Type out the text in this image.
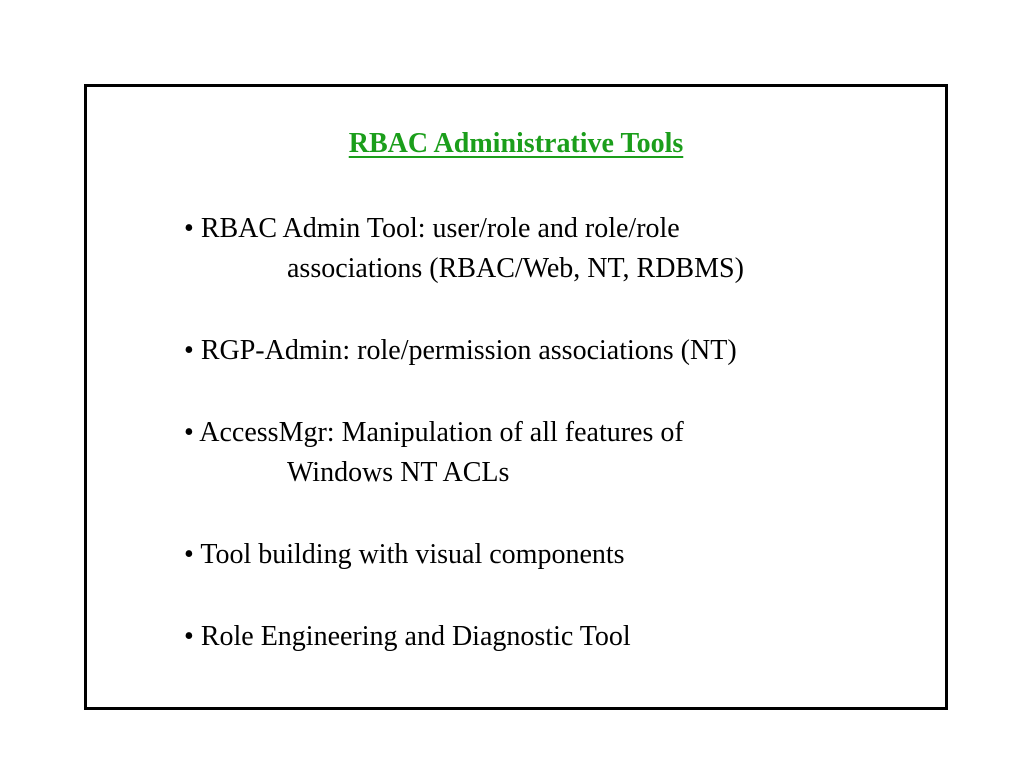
RBAC Administrative Tools
• RBAC Admin Tool: user/role and role/role
associations (RBAC/Web, NT, RDBMS)
• RGP-Admin: role/permission associations (NT)
• AccessMgr: Manipulation of all features of
Windows NT ACLs
• Tool building with visual components
• Role Engineering and Diagnostic Tool
